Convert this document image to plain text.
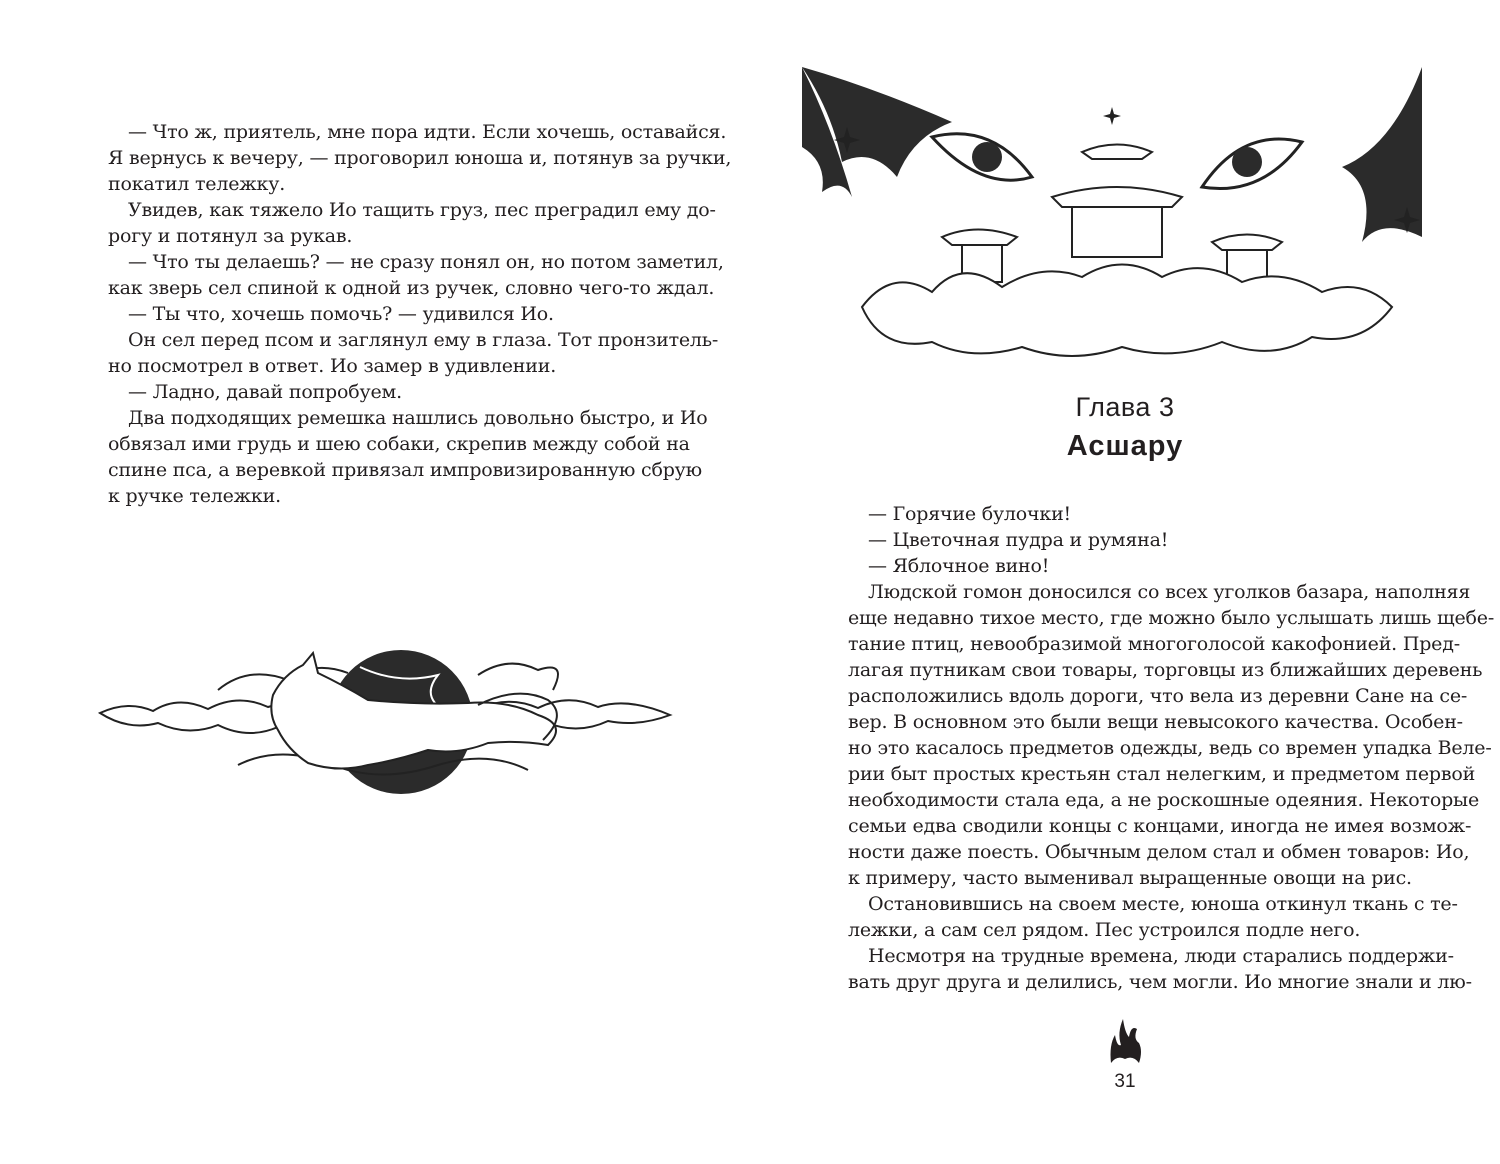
— Что ж, приятель, мне пора идти. Если хочешь, оставайся.

Я вернусь к вечеру, — проговорил юноша и, потянув за ручки,

покатил тележку.

Увидев, как тяжело Ио тащить груз, пес преградил ему до-

рогу и потянул за рукав.

— Что ты делаешь? — не сразу понял он, но потом заметил,

как зверь сел спиной к одной из ручек, словно чего-то ждал.

— Ты что, хочешь помочь? — удивился Ио.

Он сел перед псом и заглянул ему в глаза. Тот пронзитель-

но посмотрел в ответ. Ио замер в удивлении.

— Ладно, давай попробуем.

Два подходящих ремешка нашлись довольно быстро, и Ио

обвязал ими грудь и шею собаки, скрепив между собой на

спине пса, а веревкой привязал импровизированную сбрую

к ручке тележки.

Глава 3

Асшару

— Горячие булочки!

— Цветочная пудра и румяна!

— Яблочное вино!

Людской гомон доносился со всех уголков базара, наполняя

еще недавно тихое место, где можно было услышать лишь щебе-

тание птиц, невообразимой многоголосой какофонией. Пред-

лагая путникам свои товары, торговцы из ближайших деревень

расположились вдоль дороги, что вела из деревни Сане на се-

вер. В основном это были вещи невысокого качества. Особен-

но это касалось предметов одежды, ведь со времен упадка Веле-

рии быт простых крестьян стал нелегким, и предметом первой

необходимости стала еда, а не роскошные одеяния. Некоторые

семьи едва сводили концы с концами, иногда не имея возмож-

ности даже поесть. Обычным делом стал и обмен товаров: Ио,

к примеру, часто выменивал выращенные овощи на рис.

Остановившись на своем месте, юноша откинул ткань с те-

лежки, а сам сел рядом. Пес устроился подле него.

Несмотря на трудные времена, люди старались поддержи-

вать друг друга и делились, чем могли. Ио многие знали и лю-

31
